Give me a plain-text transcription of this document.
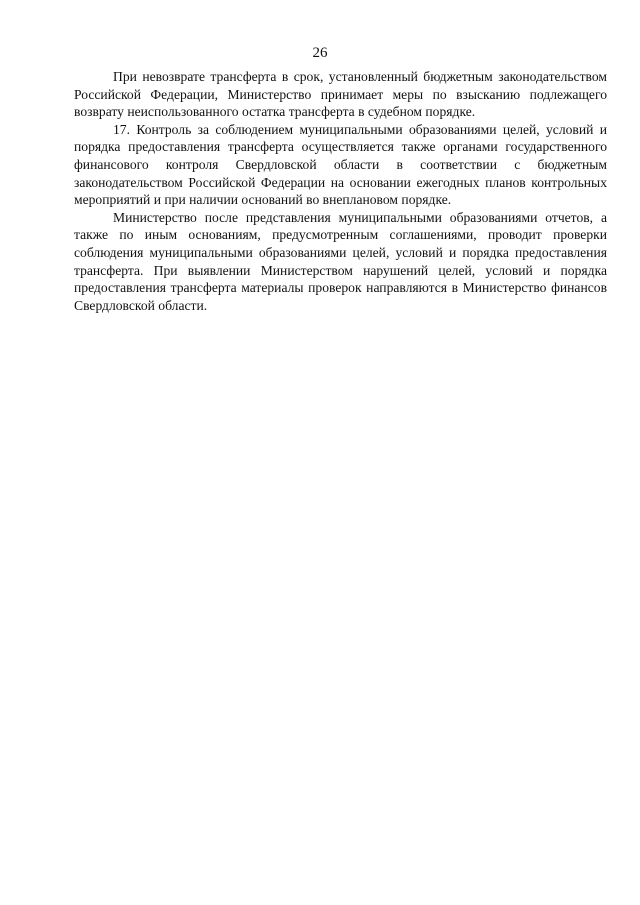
26

При невозврате трансферта в срок, установленный бюджетным законодательством Российской Федерации, Министерство принимает меры по взысканию подлежащего возврату неиспользованного остатка трансферта в судебном порядке.

17. Контроль за соблюдением муниципальными образованиями целей, условий и порядка предоставления трансферта осуществляется также органами государственного финансового контроля Свердловской области в соответствии с бюджетным законодательством Российской Федерации на основании ежегодных планов контрольных мероприятий и при наличии оснований во внеплановом порядке.

Министерство после представления муниципальными образованиями отчетов, а также по иным основаниям, предусмотренным соглашениями, проводит проверки соблюдения муниципальными образованиями целей, условий и порядка предоставления трансферта. При выявлении Министерством нарушений целей, условий и порядка предоставления трансферта материалы проверок направляются в Министерство финансов Свердловской области.
